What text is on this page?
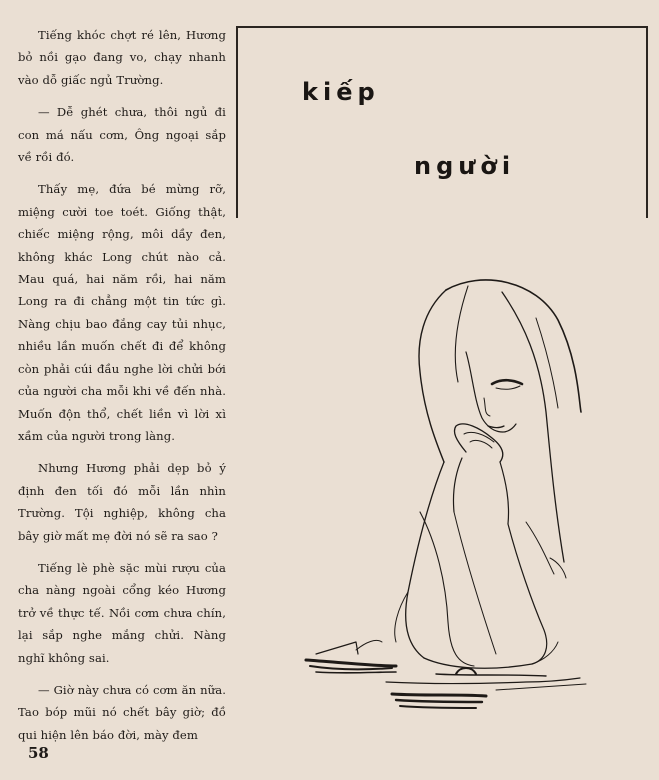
Tiếng khóc chợt ré lên, Hương bỏ nồi gạo đang vo, chạy nhanh vào dỗ giấc ngủ Trường.

— Dễ ghét chưa, thôi ngủ đi con má nấu cơm, Ông ngoại sắp về rồi đó.

Thấy mẹ, đứa bé mừng rỡ, miệng cười toe toét. Giống thật, chiếc miệng rộng, môi dầy đen, không khác Long chút nào cả. Mau quá, hai năm rồi, hai năm Long ra đi chẳng một tin tức gì. Nàng chịu bao đắng cay tủi nhục, nhiều lần muốn chết đi để không còn phải cúi đầu nghe lời chửi bới của người cha mỗi khi về đến nhà. Muốn độn thổ, chết liền vì lời xì xầm của người trong làng.

Nhưng Hương phải dẹp bỏ ý định đen tối đó mỗi lần nhìn Trường. Tội nghiệp, không cha bây giờ mất mẹ đời nó sẽ ra sao ?

Tiếng lè phè sặc mùi rượu của cha nàng ngoài cổng kéo Hương trở về thực tế. Nồi cơm chưa chín, lại sắp nghe mắng chửi. Nàng nghĩ không sai.

— Giờ này chưa có cơm ăn nữa. Tao bóp mũi nó chết bây giờ; đồ qui hiện lên báo đời, mày đem

58
kiếp
người
